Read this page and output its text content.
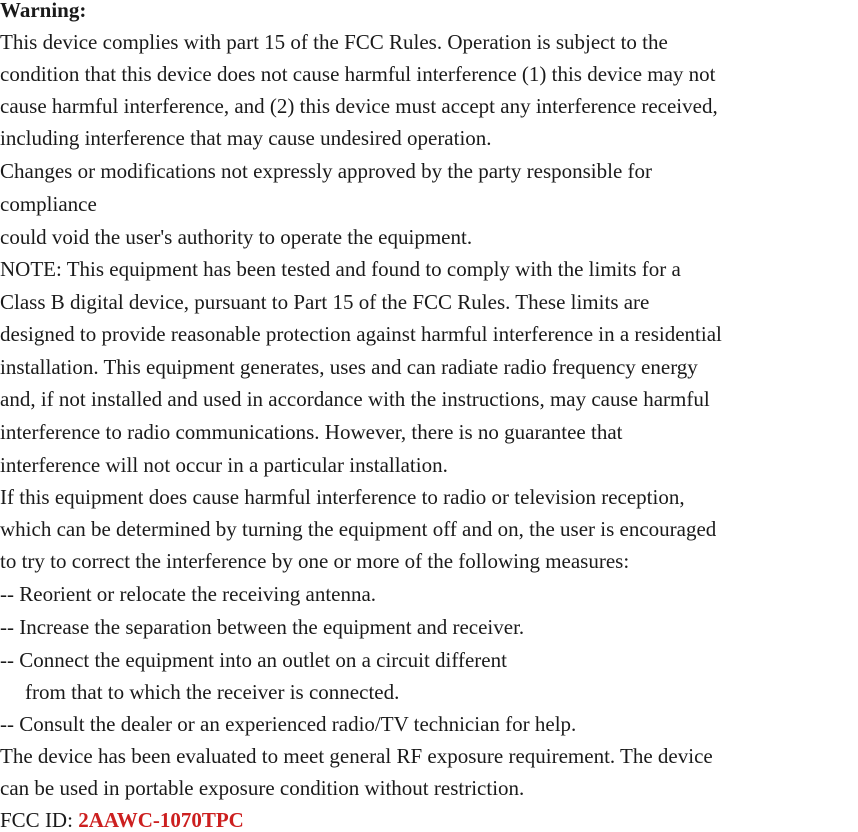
Warning:
This device complies with part 15 of the FCC Rules. Operation is subject to the
condition that this device does not cause harmful interference (1) this device may not
cause harmful interference, and (2) this device must accept any interference received,
including interference that may cause undesired operation.
Changes or modifications not expressly approved by the party responsible for
compliance
could void the user's authority to operate the equipment.
NOTE: This equipment has been tested and found to comply with the limits for a
Class B digital device, pursuant to Part 15 of the FCC Rules. These limits are
designed to provide reasonable protection against harmful interference in a residential
installation. This equipment generates, uses and can radiate radio frequency energy
and, if not installed and used in accordance with the instructions, may cause harmful
interference to radio communications. However, there is no guarantee that
interference will not occur in a particular installation.
If this equipment does cause harmful interference to radio or television reception,
which can be determined by turning the equipment off and on, the user is encouraged
to try to correct the interference by one or more of the following measures:
-- Reorient or relocate the receiving antenna.
-- Increase the separation between the equipment and receiver.
-- Connect the equipment into an outlet on a circuit different
from that to which the receiver is connected.
-- Consult the dealer or an experienced radio/TV technician for help.
The device has been evaluated to meet general RF exposure requirement. The device
can be used in portable exposure condition without restriction.
FCC ID: 2AAWC-1070TPC
